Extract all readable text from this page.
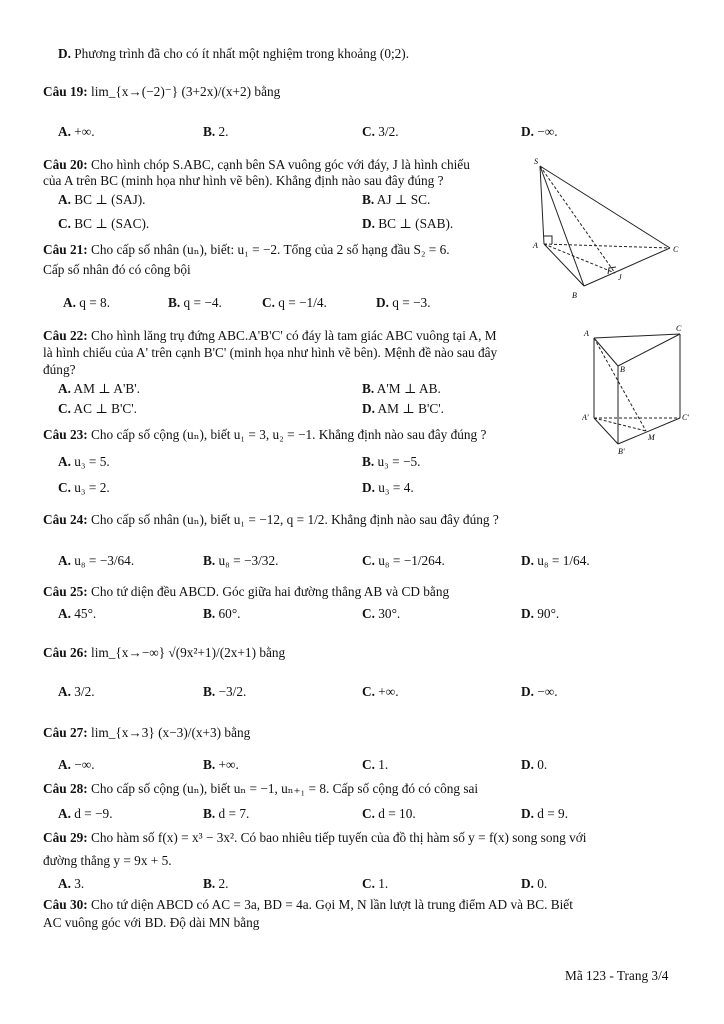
D. Phương trình đã cho có ít nhất một nghiệm trong khoảng (0;2).
Câu 19: lim_{x→(−2)⁻} (3+2x)/(x+2) bằng
A. +∞.	B. 2.	C. 3/2.	D. −∞.
Câu 20: Cho hình chóp S.ABC, cạnh bên SA vuông góc với đáy, J là hình chiếu
của A trên BC (minh họa như hình vẽ bên). Khẳng định nào sau đây đúng ?
A. BC ⊥ (SAJ).	B. AJ ⊥ SC.
C. BC ⊥ (SAC).	D. BC ⊥ (SAB).
Câu 21: Cho cấp số nhân (uₙ), biết: u₁ = −2. Tổng của 2 số hạng đầu S₂ = 6.
Cấp số nhân đó có công bội
A. q = 8.	B. q = −4.	C. q = −1/4.	D. q = −3.
Câu 22: Cho hình lăng trụ đứng ABC.A'B'C' có đáy là tam giác ABC vuông tại A, M
là hình chiếu của A' trên cạnh B'C' (minh họa như hình vẽ bên). Mệnh đề nào sau đây
đúng?
A. AM ⊥ A'B'.	B. A'M ⊥ AB.
C. AC ⊥ B'C'.	D. AM ⊥ B'C'.
Câu 23: Cho cấp số cộng (uₙ), biết u₁ = 3, u₂ = −1. Khẳng định nào sau đây đúng ?
A. u₃ = 5.	B. u₃ = −5.
C. u₃ = 2.	D. u₃ = 4.
Câu 24: Cho cấp số nhân (uₙ), biết u₁ = −12, q = 1/2. Khẳng định nào sau đây đúng ?
A. u₈ = −3/64.	B. u₈ = −3/32.	C. u₈ = −1/264.	D. u₈ = 1/64.
Câu 25: Cho tứ diện đều ABCD. Góc giữa hai đường thẳng AB và CD bằng
A. 45°.	B. 60°.	C. 30°.	D. 90°.
Câu 26: lim_{x→−∞} √(9x²+1)/(2x+1) bằng
A. 3/2.	B. −3/2.	C. +∞.	D. −∞.
Câu 27: lim_{x→3} (x−3)/(x+3) bằng
A. −∞.	B. +∞.	C. 1.	D. 0.
Câu 28: Cho cấp số cộng (uₙ), biết uₙ = −1, uₙ₊₁ = 8. Cấp số cộng đó có công sai
A. d = −9.	B. d = 7.	C. d = 10.	D. d = 9.
Câu 29: Cho hàm số f(x) = x³ − 3x². Có bao nhiêu tiếp tuyến của đồ thị hàm số y = f(x) song song với
đường thẳng y = 9x + 5.
A. 3.	B. 2.	C. 1.	D. 0.
Câu 30: Cho tứ diện ABCD có AC = 3a, BD = 4a. Gọi M, N lần lượt là trung điểm AD và BC. Biết
AC vuông góc với BD. Độ dài MN bằng
S
A
B
C
J
A
C
B
A'	C'
B'
M
Mã 123 - Trang 3/4
